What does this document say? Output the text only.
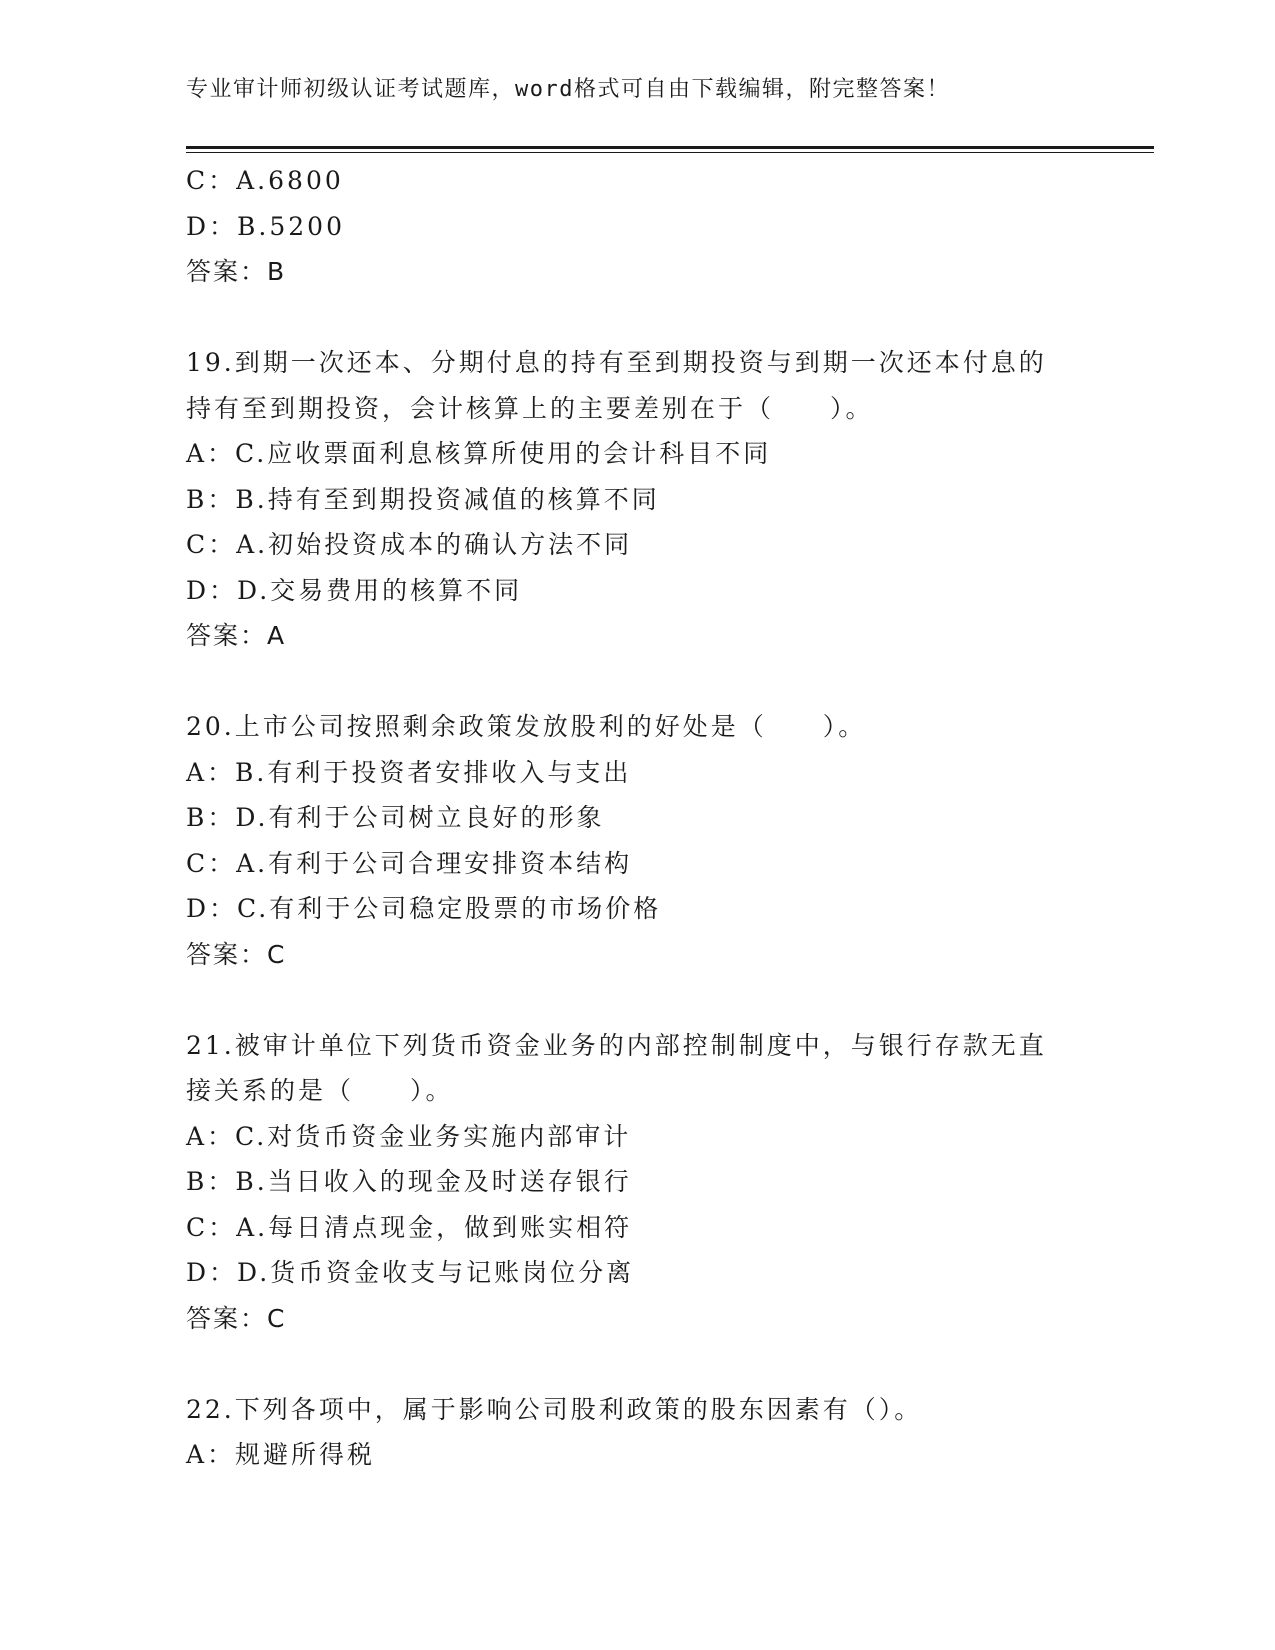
专业审计师初级认证考试题库，word格式可自由下载编辑，附完整答案！
C：A.6800
D：B.5200
答案：B
19.到期一次还本、分期付息的持有至到期投资与到期一次还本付息的
持有至到期投资，会计核算上的主要差别在于（　　）。
A：C.应收票面利息核算所使用的会计科目不同
B：B.持有至到期投资减值的核算不同
C：A.初始投资成本的确认方法不同
D：D.交易费用的核算不同
答案：A
20.上市公司按照剩余政策发放股利的好处是（　　）。
A：B.有利于投资者安排收入与支出
B：D.有利于公司树立良好的形象
C：A.有利于公司合理安排资本结构
D：C.有利于公司稳定股票的市场价格
答案：C
21.被审计单位下列货币资金业务的内部控制制度中，与银行存款无直
接关系的是（　　）。
A：C.对货币资金业务实施内部审计
B：B.当日收入的现金及时送存银行
C：A.每日清点现金，做到账实相符
D：D.货币资金收支与记账岗位分离
答案：C
22.下列各项中，属于影响公司股利政策的股东因素有（）。
A：规避所得税
